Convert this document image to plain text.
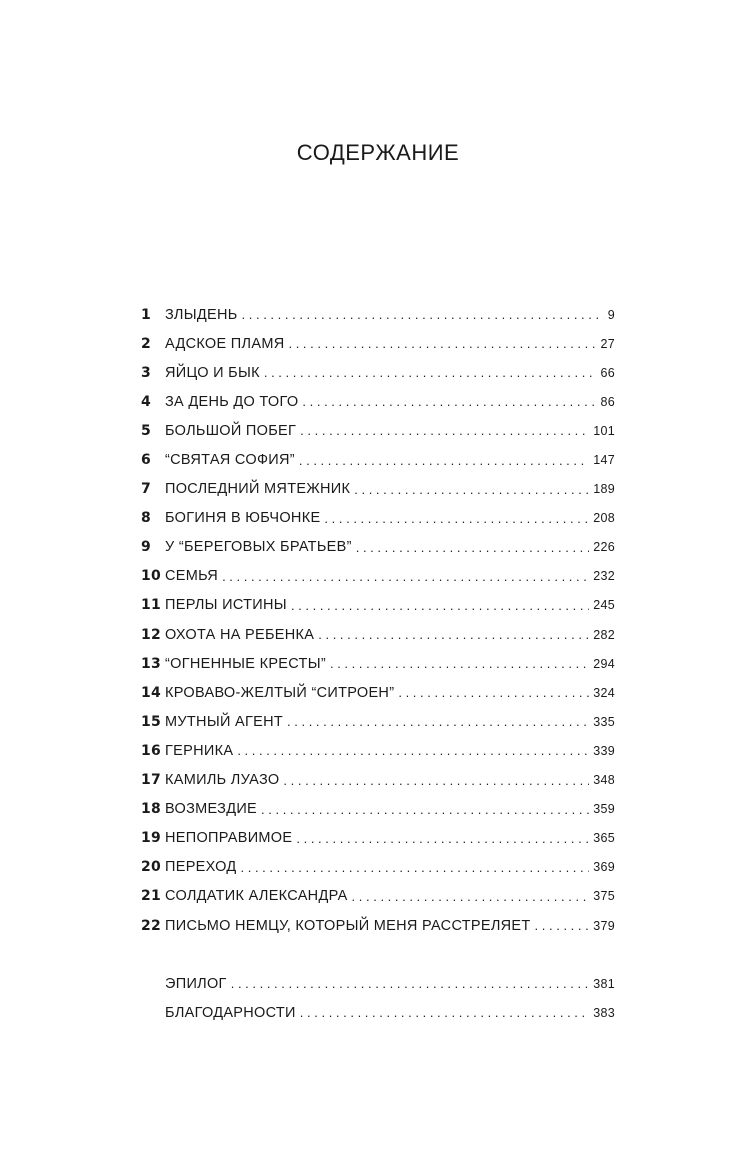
СОДЕРЖАНИЕ
1 ЗЛЫДЕНЬ . . .	9
2 АДСКОЕ ПЛАМЯ . . .	27
3 ЯЙЦО И БЫК . . .	66
4 ЗА ДЕНЬ ДО ТОГО . . .	86
5 БОЛЬШОЙ ПОБЕГ . . .	101
6 “СВЯТАЯ СОФИЯ” . . .	147
7 ПОСЛЕДНИЙ МЯТЕЖНИК . . .	189
8 БОГИНЯ В ЮБЧОНКЕ . . .	208
9 У “БЕРЕГОВЫХ БРАТЬЕВ” . . .	226
10 СЕМЬЯ . . .	232
11 ПЕРЛЫ ИСТИНЫ . . .	245
12 ОХОТА НА РЕБЕНКА . . .	282
13 “ОГНЕННЫЕ КРЕСТЫ” . . .	294
14 КРОВАВО-ЖЕЛТЫЙ “СИТРОЕН” . . .	324
15 МУТНЫЙ АГЕНТ . . .	335
16 ГЕРНИКА . . .	339
17 КАМИЛЬ ЛУАЗО . . .	348
18 ВОЗМЕЗДИЕ . . .	359
19 НЕПОПРАВИМОЕ . . .	365
20 ПЕРЕХОД . . .	369
21 СОЛДАТИК АЛЕКСАНДРА . . .	375
22 ПИСЬМО НЕМЦУ, КОТОРЫЙ МЕНЯ РАССТРЕЛЯЕТ . . .	379
ЭПИЛОГ . . .	381
БЛАГОДАРНОСТИ . . .	383
